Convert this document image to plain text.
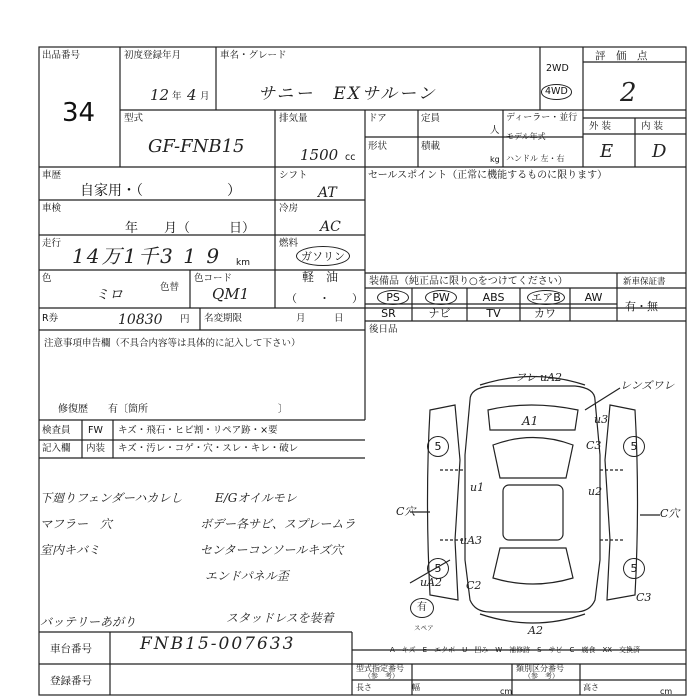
出品番号
34
初度登録年月
12 年 4 月
車名・グレード
サニー　EXサルーン
2WD
4WD
評　価　点
2
型式
GF-FNB15
排気量
1500 cc
ドア	定員
人
形状	積載
kg
ディーラー・並行
モデル年式
ハンドル 左・右
外 装	内 装
E D
車歴
自家用・（　　　　　　）
シフト
AT
セールスポイント（正常に機能するものに限ります）
車検
年　　月（　　　日）
冷房
AC
走行
14万1千3 1 9 km
燃料
ガソリン
軽　油
（　　・　　）
色
ミロ	色替
色コード
QM1
装備品（純正品に限り○をつけてください）	新車保証書
有・無
PS	PW	ABS	エアB	AW
SR	ナビ	TV	カワ
後日品
R券	10830 円 名変期限	月　　　日
注意事項申告欄（不具合内容等は具体的に記入して下さい）
修復歴　　有〔箇所　　　　　　　　　　　　　〕
検査員
記入欄
FW
内装
キズ・飛石・ヒビ割・リペア跡・×要
キズ・汚レ・コゲ・穴・スレ・キレ・破レ
下廻りフェンダーハカレし
マフラー　穴
室内キバミ
バッテリーあがり
E/Gオイルモレ
ボデー各サビ、スプレームラ
センターコンソールキズ穴
エンドパネル歪
スタッドレスを装着
フレ uA2
レンズワレ
A1	u3
C3
u1	u2
C穴	C穴
uA3
uA2 C2
C3
A2
5	5
5	5
有
スペア
A－キズ　E－エクボ　U－凹み　W－補修跡　S－サビ　C－腐食　XX－交換済
車台番号	FNB15-007633
登録番号
型式指定番号
（参　考）
類別区分番号
（参　考）
長さ	幅	cm	高さ	cm
